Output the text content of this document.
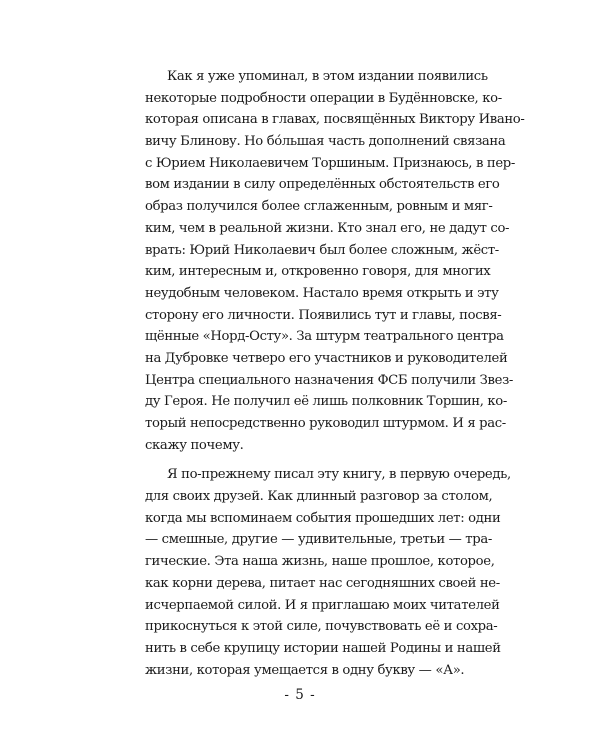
Как я уже упоминал, в этом издании появились
некоторые подробности операции в Будённовске, ко-
которая описана в главах, посвящённых Виктору Ивано-
вичу Блинову. Но бо́льшая часть дополнений связана
с Юрием Николаевичем Торшиным. Признаюсь, в пер-
вом издании в силу определённых обстоятельств его
образ получился более сглаженным, ровным и мяг-
ким, чем в реальной жизни. Кто знал его, не дадут со-
врать: Юрий Николаевич был более сложным, жёст-
ким, интересным и, откровенно говоря, для многих
неудобным человеком. Настало время открыть и эту
сторону его личности. Появились тут и главы, посвя-
щённые «Норд-Осту». За штурм театрального центра
на Дубровке четверо его участников и руководителей
Центра специального назначения ФСБ получили Звез-
ду Героя. Не получил её лишь полковник Торшин, ко-
торый непосредственно руководил штурмом. И я рас-
скажу почему.
Я по-прежнему писал эту книгу, в первую очередь,
для своих друзей. Как длинный разговор за столом,
когда мы вспоминаем события прошедших лет: одни
— смешные, другие — удивительные, третьи — тра-
гические. Эта наша жизнь, наше прошлое, которое,
как корни дерева, питает нас сегодняшних своей не-
исчерпаемой силой. И я приглашаю моих читателей
прикоснуться к этой силе, почувствовать её и сохра-
нить в себе крупицу истории нашей Родины и нашей
жизни, которая умещается в одну букву — «А».
- 5 -
